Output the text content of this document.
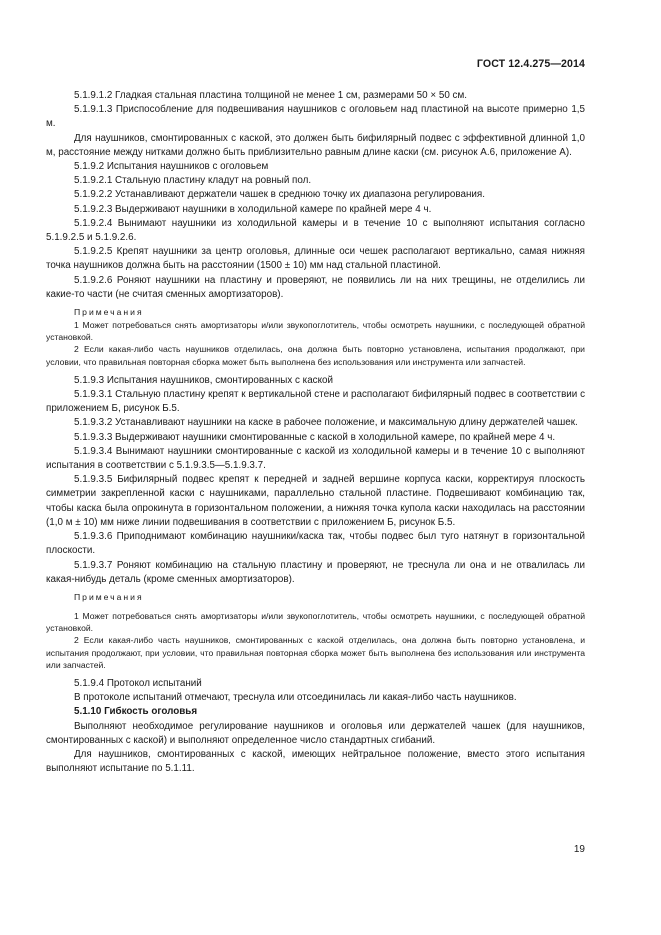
ГОСТ 12.4.275—2014

5.1.9.1.2 Гладкая стальная пластина толщиной не менее 1 см, размерами 50 × 50 см.

5.1.9.1.3 Приспособление для подвешивания наушников с оголовьем над пластиной на высоте примерно 1,5 м.

Для наушников, смонтированных с каской, это должен быть бифилярный подвес с эффективной длинной 1,0 м, расстояние между нитками должно быть приблизительно равным длине каски (см. рисунок А.6, приложение А).

5.1.9.2 Испытания наушников с оголовьем

5.1.9.2.1 Стальную пластину кладут на ровный пол.

5.1.9.2.2 Устанавливают держатели чашек в среднюю точку их диапазона регулирования.

5.1.9.2.3 Выдерживают наушники в холодильной камере по крайней мере 4 ч.

5.1.9.2.4 Вынимают наушники из холодильной камеры и в течение 10 с выполняют испытания согласно 5.1.9.2.5 и 5.1.9.2.6.

5.1.9.2.5 Крепят наушники за центр оголовья, длинные оси чешек располагают вертикально, самая нижняя точка наушников должна быть на расстоянии (1500 ± 10) мм над стальной пластиной.

5.1.9.2.6 Роняют наушники на пластину и проверяют, не появились ли на них трещины, не отделились ли какие-то части (не считая сменных амортизаторов).

Примечания

1 Может потребоваться снять амортизаторы и/или звукопоглотитель, чтобы осмотреть наушники, с последующей обратной установкой.

2 Если какая-либо часть наушников отделилась, она должна быть повторно установлена, испытания продолжают, при условии, что правильная повторная сборка может быть выполнена без использования или инструмента или запчастей.

5.1.9.3 Испытания наушников, смонтированных с каской

5.1.9.3.1 Стальную пластину крепят к вертикальной стене и располагают бифилярный подвес в соответствии с приложением Б, рисунок Б.5.

5.1.9.3.2 Устанавливают наушники на каске в рабочее положение, и максимальную длину держателей чашек.

5.1.9.3.3 Выдерживают наушники смонтированные с каской в холодильной камере, по крайней мере 4 ч.

5.1.9.3.4 Вынимают наушники смонтированные с каской из холодильной камеры и в течение 10 с выполняют испытания в соответствии с 5.1.9.3.5—5.1.9.3.7.

5.1.9.3.5 Бифилярный подвес крепят к передней и задней вершине корпуса каски, корректируя плоскость симметрии закрепленной каски с наушниками, параллельно стальной пластине. Подвешивают комбинацию так, чтобы каска была опрокинута в горизонтальном положении, а нижняя точка купола каски находилась на расстоянии (1,0 м ± 10) мм ниже линии подвешивания в соответствии с приложением Б, рисунок Б.5.

5.1.9.3.6 Приподнимают комбинацию наушники/каска так, чтобы подвес был туго натянут в горизонтальной плоскости.

5.1.9.3.7 Роняют комбинацию на стальную пластину и проверяют, не треснула ли она и не отвалилась ли какая-нибудь деталь (кроме сменных амортизаторов).

Примечания

1 Может потребоваться снять амортизаторы и/или звукопоглотитель, чтобы осмотреть наушники, с последующей обратной установкой.

2 Если какая-либо часть наушников, смонтированных с каской отделилась, она должна быть повторно установлена, и испытания продолжают, при условии, что правильная повторная сборка может быть выполнена без использования или инструмента или запчастей.

5.1.9.4 Протокол испытаний

В протоколе испытаний отмечают, треснула или отсоединилась ли какая-либо часть наушников.

5.1.10 Гибкость оголовья

Выполняют необходимое регулирование наушников и оголовья или держателей чашек (для наушников, смонтированных с каской) и выполняют определенное число стандартных сгибаний.

Для наушников, смонтированных с каской, имеющих нейтральное положение, вместо этого испытания выполняют испытание по 5.1.11.

19
